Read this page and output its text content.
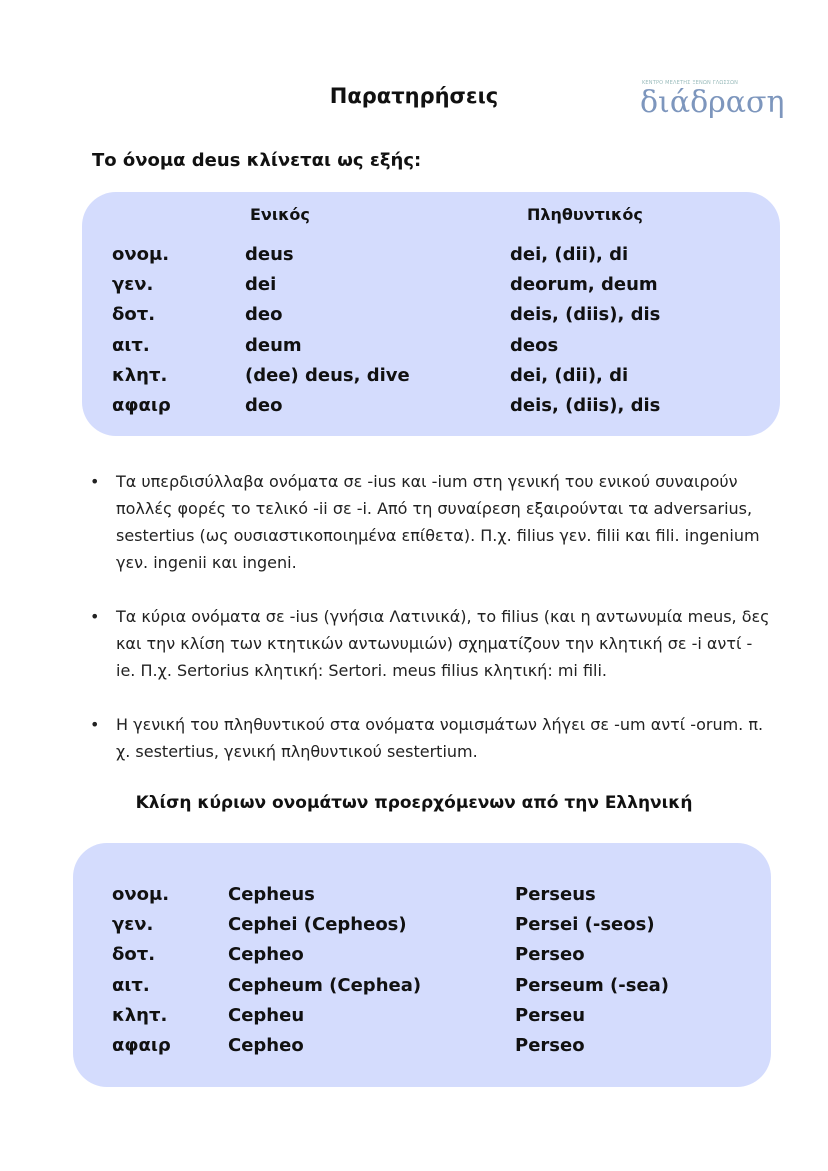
Παρατηρήσεις
ΚΕΝΤΡΟ ΜΕΛΕΤΗΣ ΞΕΝΩΝ ΓΛΩΣΣΩΝ
διάδραση
Το όνομα deus κλίνεται ως εξής:
Ενικός	Πληθυντικός
ονομ.	deus	dei, (dii), di
γεν.	dei	deorum, deum
δοτ.	deo	deis, (diis), dis
αιτ.	deum	deos
κλητ.	(dee) deus, dive	dei, (dii), di
αφαιρ	deo	deis, (diis), dis

•	Τα υπερδισύλλαβα ονόματα σε -ius και -ium στη γενική του ενικού συναιρούν πολλές φορές το τελικό -ii σε -i. Από τη συναίρεση εξαιρούνται τα adversarius, sestertius (ως ουσιαστικοποιημένα επίθετα). Π.χ. filius γεν. filii και fili. ingenium γεν. ingenii και ingeni.

•	Τα κύρια ονόματα σε -ius (γνήσια Λατινικά), το filius (και η αντωνυμία meus, δες και την κλίση των κτητικών αντωνυμιών) σχηματίζουν την κλητική σε -i αντί -ie. Π.χ. Sertorius κλητική: Sertori. meus filius κλητική: mi fili.

•	Η γενική του πληθυντικού στα ονόματα νομισμάτων λήγει σε -um αντί -orum. π. χ. sestertius, γενική πληθυντικού sestertium.

Κλίση κύριων ονομάτων προερχόμενων από την Ελληνική
ονομ.	Cepheus	Perseus
γεν.	Cephei (Cepheos)	Persei (-seos)
δοτ.	Cepheo	Perseo
αιτ.	Cepheum (Cephea)	Perseum (-sea)
κλητ.	Cepheu	Perseu
αφαιρ	Cepheo	Perseo
